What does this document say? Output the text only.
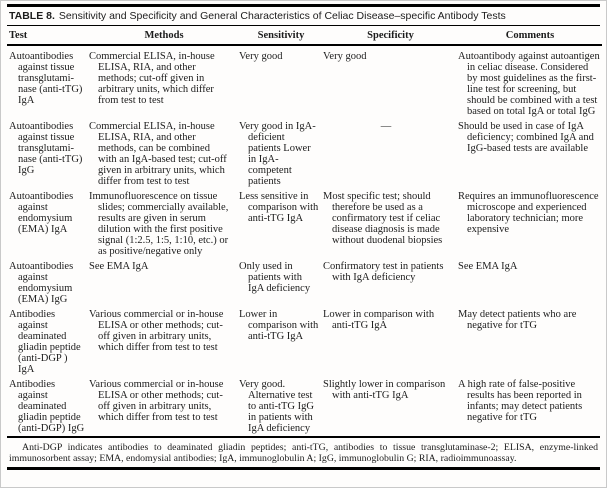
TABLE 8. Sensitivity and Specificity and General Characteristics of Celiac Disease–specific Antibody Tests
Test	Methods	Sensitivity	Specificity	Comments

Autoantibodies against tissue transglutaminase (anti-tTG) IgA	Commercial ELISA, in-house ELISA, RIA, and other methods; cut-off given in arbitrary units, which differ from test to test	Very good	Very good	Autoantibody against autoantigen in celiac disease. Considered by most guidelines as the first-line test for screening, but should be combined with a test based on total IgA or total IgG

Autoantibodies against tissue transglutaminase (anti-tTG) IgG	Commercial ELISA, in-house ELISA, RIA, and other methods, can be combined with an IgA-based test; cut-off given in arbitrary units, which differ from test to test	Very good in IgA-deficient patients Lower in IgA-competent patients	—	Should be used in case of IgA deficiency; combined IgA and IgG-based tests are available

Autoantibodies against endomysium (EMA) IgA	Immunofluorescence on tissue slides; commercially available, results are given in serum dilution with the first positive signal (1:2.5, 1:5, 1:10, etc.) or as positive/negative only	Less sensitive in comparison with anti-tTG IgA	Most specific test; should therefore be used as a confirmatory test if celiac disease diagnosis is made without duodenal biopsies	Requires an immunofluorescence microscope and experienced laboratory technician; more expensive

Autoantibodies against endomysium (EMA) IgG	See EMA IgA	Only used in patients with IgA deficiency	Confirmatory test in patients with IgA deficiency	See EMA IgA

Antibodies against deaminated gliadin peptide (anti-DGP ) IgA	Various commercial or in-house ELISA or other methods; cut-off given in arbitrary units, which differ from test to test	Lower in comparison with anti-tTG IgA	Lower in comparison with anti-tTG IgA	May detect patients who are negative for tTG

Antibodies against deaminated gliadin peptide (anti-DGP) IgG	Various commercial or in-house ELISA or other methods; cut-off given in arbitrary units, which differ from test to test	Very good. Alternative test to anti-tTG IgG in patients with IgA deficiency	Slightly lower in comparison with anti-tTG IgA	A high rate of false-positive results has been reported in infants; may detect patients negative for tTG

Anti-DGP indicates antibodies to deaminated gliadin peptides; anti-tTG, antibodies to tissue transglutaminase-2; ELISA, enzyme-linked immunosorbent assay; EMA, endomysial antibodies; IgA, immunoglobulin A; IgG, immunoglobulin G; RIA, radioimmunoassay.
